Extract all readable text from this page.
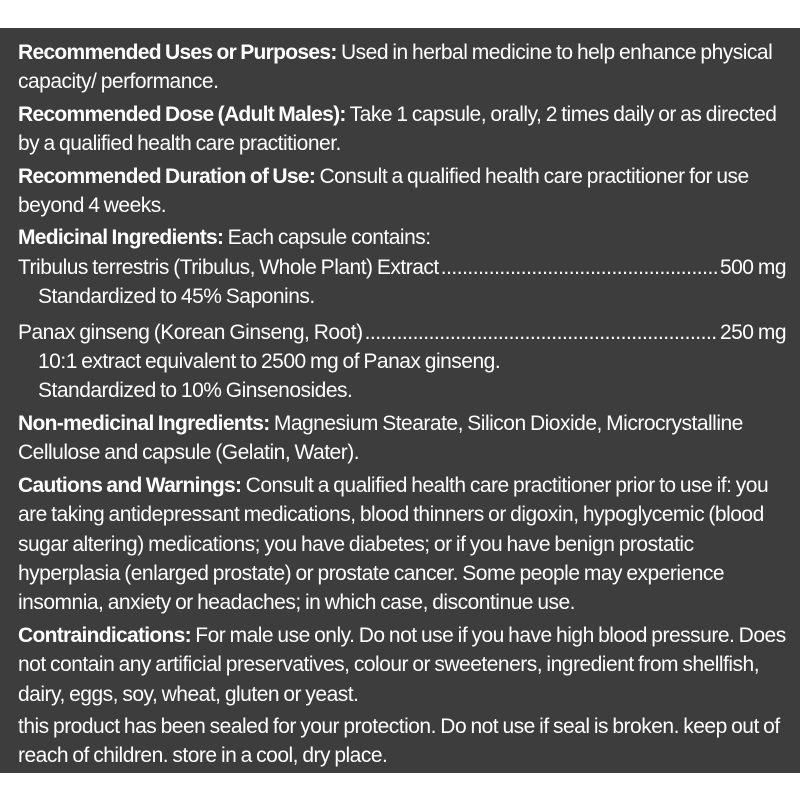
Recommended Uses or Purposes: Used in herbal medicine to help enhance physical capacity/ performance.

Recommended Dose (Adult Males): Take 1 capsule, orally, 2 times daily or as directed by a qualified health care practitioner.

Recommended Duration of Use: Consult a qualified health care practitioner for use beyond 4 weeks.

Medicinal Ingredients: Each capsule contains:
Tribulus terrestris (Tribulus, Whole Plant) Extract .....	500 mg
Standardized to 45% Saponins.
Panax ginseng (Korean Ginseng, Root) .....	250 mg
10:1 extract equivalent to 2500 mg of Panax ginseng.
Standardized to 10% Ginsenosides.

Non-medicinal Ingredients: Magnesium Stearate, Silicon Dioxide, Microcrystalline Cellulose and capsule (Gelatin, Water).

Cautions and Warnings: Consult a qualified health care practitioner prior to use if: you are taking antidepressant medications, blood thinners or digoxin, hypoglycemic (blood sugar altering) medications; you have diabetes; or if you have benign prostatic hyperplasia (enlarged prostate) or prostate cancer. Some people may experience insomnia, anxiety or headaches; in which case, discontinue use.

Contraindications: For male use only. Do not use if you have high blood pressure. Does not contain any artificial preservatives, colour or sweeteners, ingredient from shellfish, dairy, eggs, soy, wheat, gluten or yeast.

this product has been sealed for your protection. Do not use if seal is broken. keep out of reach of children. store in a cool, dry place.
